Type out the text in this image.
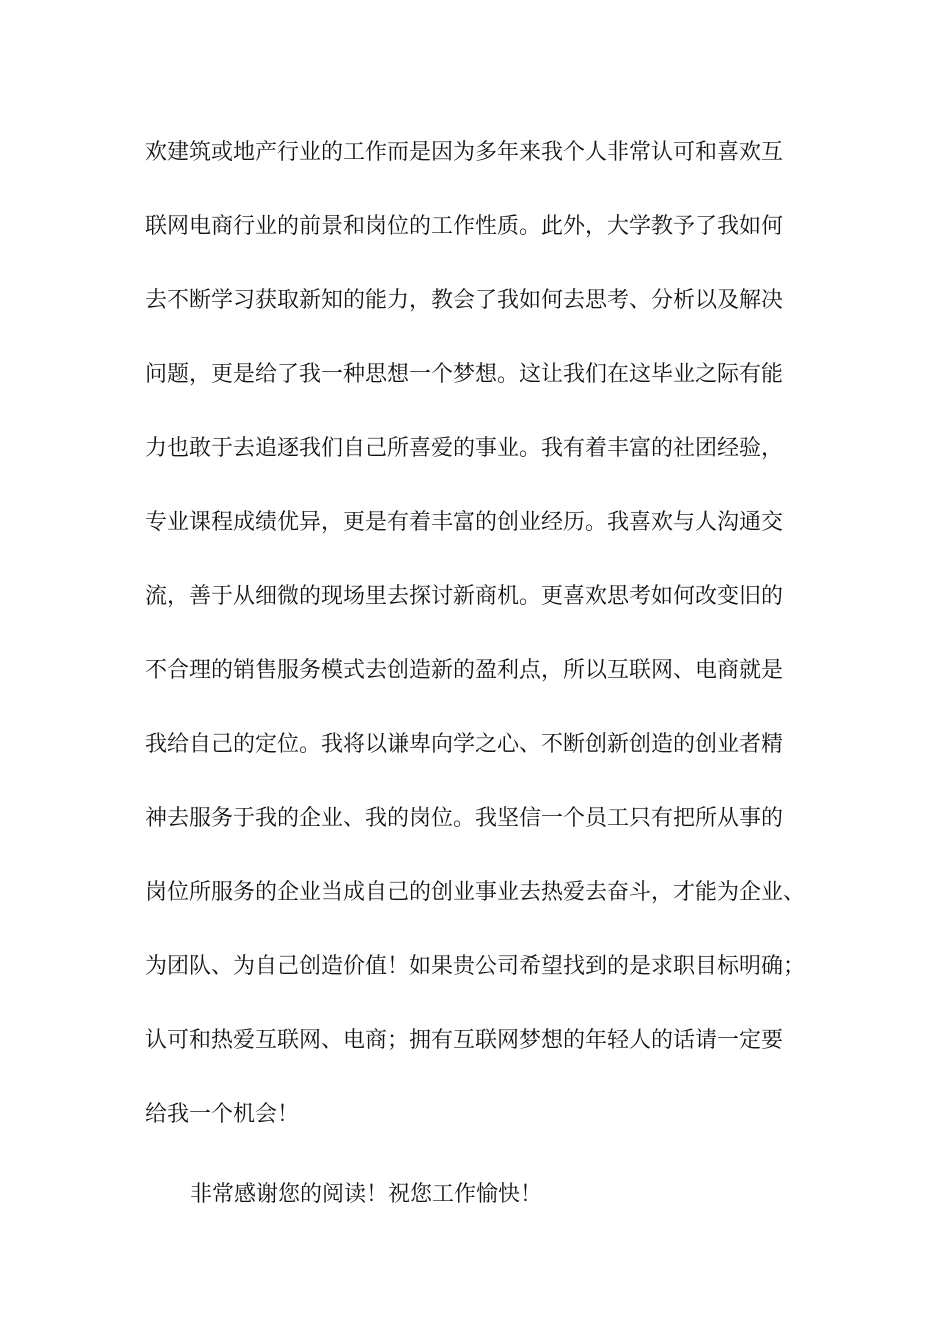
欢建筑或地产行业的工作而是因为多年来我个人非常认可和喜欢互
联网电商行业的前景和岗位的工作性质。此外，大学教予了我如何
去不断学习获取新知的能力，教会了我如何去思考、分析以及解决
问题，更是给了我一种思想一个梦想。这让我们在这毕业之际有能
力也敢于去追逐我们自己所喜爱的事业。我有着丰富的社团经验，
专业课程成绩优异，更是有着丰富的创业经历。我喜欢与人沟通交
流，善于从细微的现场里去探讨新商机。更喜欢思考如何改变旧的
不合理的销售服务模式去创造新的盈利点，所以互联网、电商就是
我给自己的定位。我将以谦卑向学之心、不断创新创造的创业者精
神去服务于我的企业、我的岗位。我坚信一个员工只有把所从事的
岗位所服务的企业当成自己的创业事业去热爱去奋斗，才能为企业、
为团队、为自己创造价值！如果贵公司希望找到的是求职目标明确；
认可和热爱互联网、电商；拥有互联网梦想的年轻人的话请一定要
给我一个机会！
非常感谢您的阅读！祝您工作愉快！
